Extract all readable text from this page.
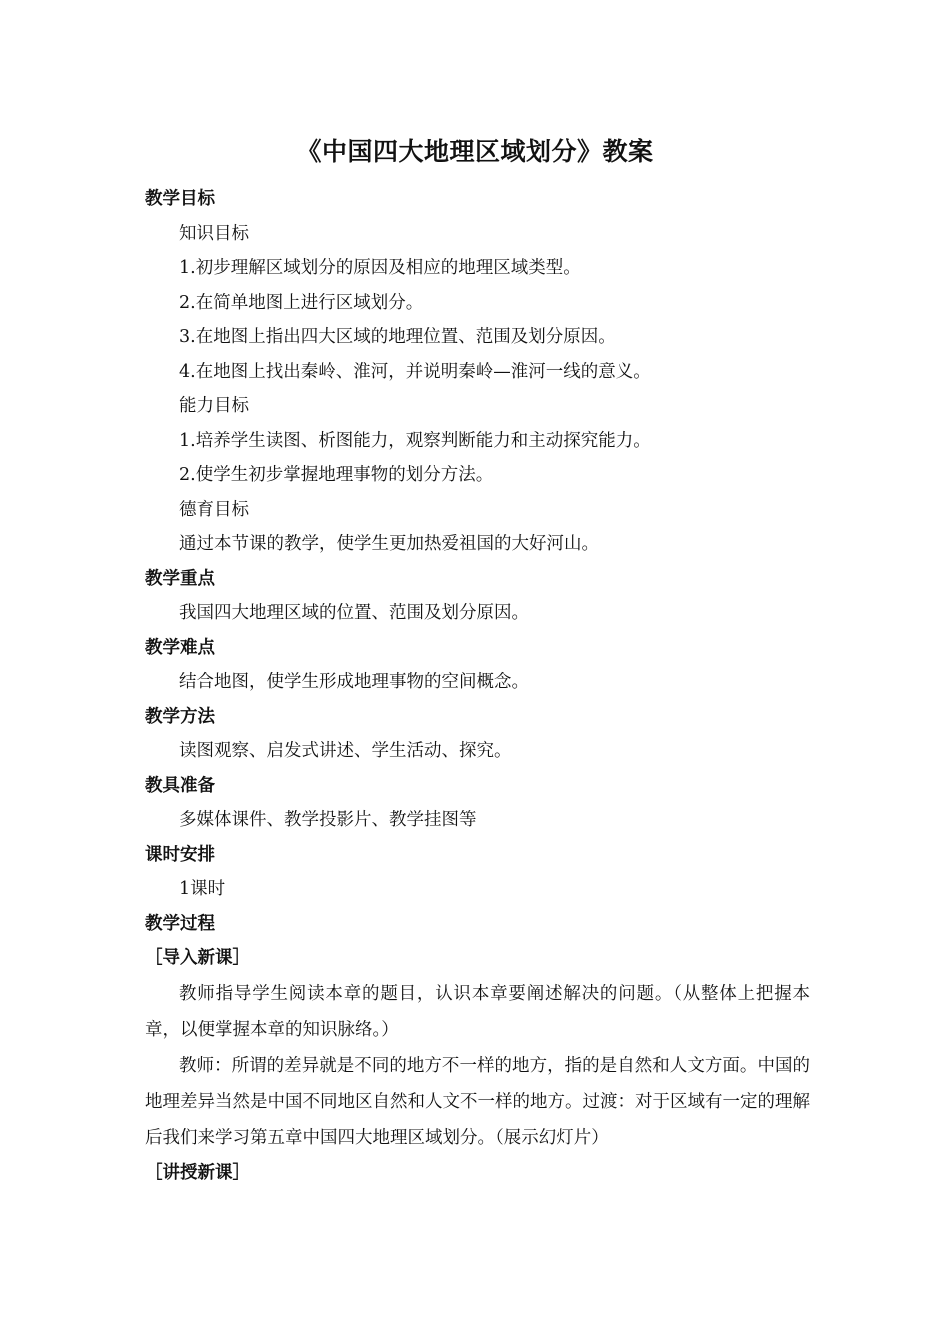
《中国四大地理区域划分》教案
教学目标
知识目标
1.初步理解区域划分的原因及相应的地理区域类型。
2.在简单地图上进行区域划分。
3.在地图上指出四大区域的地理位置、范围及划分原因。
4.在地图上找出秦岭、淮河，并说明秦岭—淮河一线的意义。
能力目标
1.培养学生读图、析图能力，观察判断能力和主动探究能力。
2.使学生初步掌握地理事物的划分方法。
德育目标
通过本节课的教学，使学生更加热爱祖国的大好河山。
教学重点
我国四大地理区域的位置、范围及划分原因。
教学难点
结合地图，使学生形成地理事物的空间概念。
教学方法
读图观察、启发式讲述、学生活动、探究。
教具准备
多媒体课件、教学投影片、教学挂图等
课时安排
1课时
教学过程
［导入新课］

教师指导学生阅读本章的题目，认识本章要阐述解决的问题。（从整体上把握本章，以便掌握本章的知识脉络。）

教师：所谓的差异就是不同的地方不一样的地方，指的是自然和人文方面。中国的地理差异当然是中国不同地区自然和人文不一样的地方。过渡：对于区域有一定的理解后我们来学习第五章中国四大地理区域划分。（展示幻灯片）

［讲授新课］
